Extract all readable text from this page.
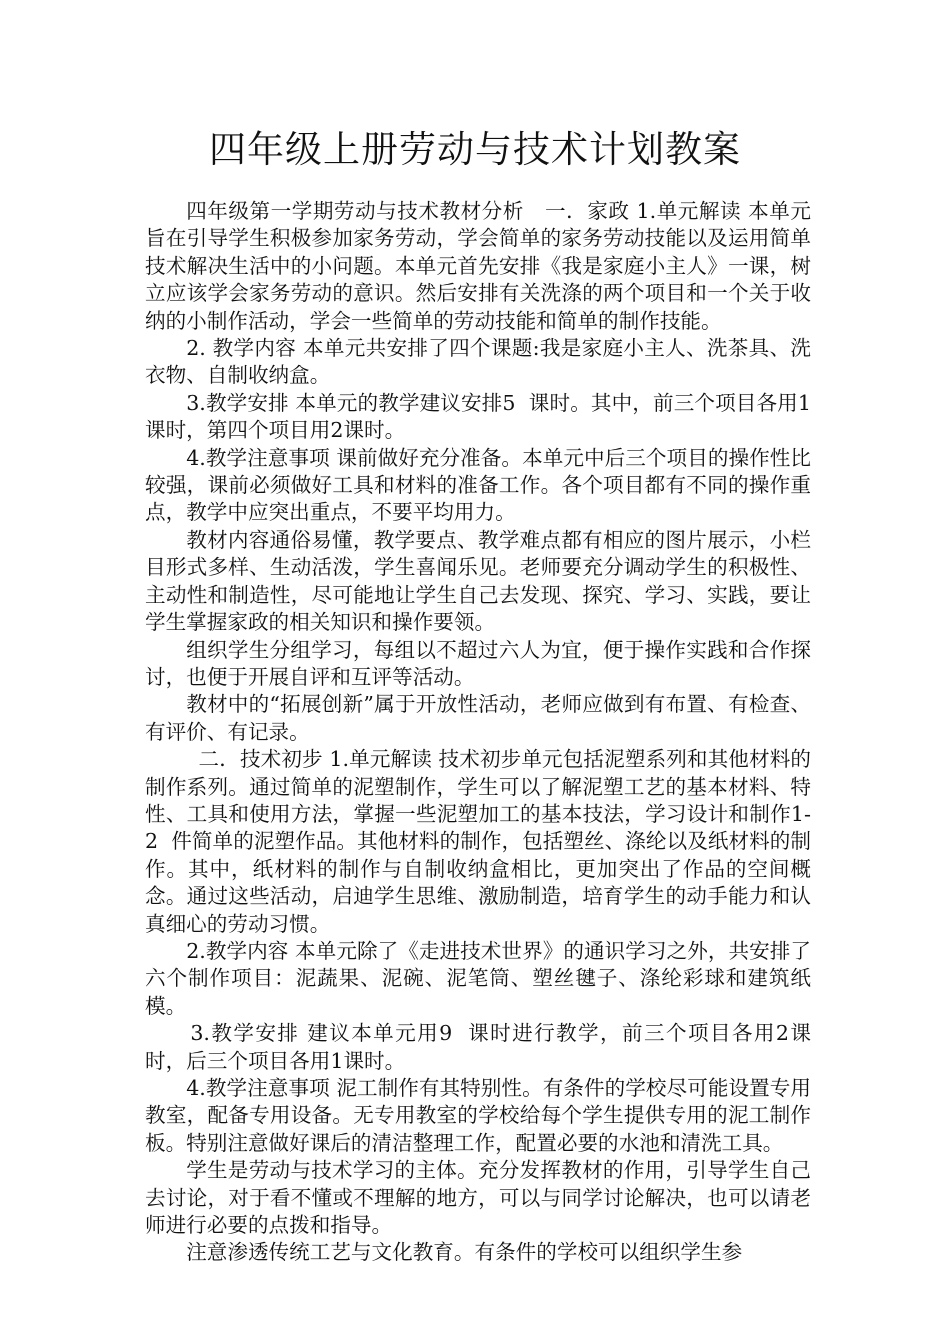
四年级上册劳动与技术计划教案

四年级第一学期劳动与技术教材分析   一．家政 1.单元解读 本单元旨在引导学生积极参加家务劳动，学会简单的家务劳动技能以及运用简单技术解决生活中的小问题。本单元首先安排《我是家庭小主人》一课，树立应该学会家务劳动的意识。然后安排有关洗涤的两个项目和一个关于收纳的小制作活动，学会一些简单的劳动技能和简单的制作技能。

2. 教学内容 本单元共安排了四个课题:我是家庭小主人、洗茶具、洗衣物、自制收纳盒。

3.教学安排 本单元的教学建议安排5  课时。其中，前三个项目各用1课时，第四个项目用2课时。

4.教学注意事项 课前做好充分准备。本单元中后三个项目的操作性比较强，课前必须做好工具和材料的准备工作。各个项目都有不同的操作重点，教学中应突出重点，不要平均用力。

教材内容通俗易懂，教学要点、教学难点都有相应的图片展示，小栏目形式多样、生动活泼，学生喜闻乐见。老师要充分调动学生的积极性、主动性和制造性，尽可能地让学生自己去发现、探究、学习、实践，要让学生掌握家政的相关知识和操作要领。

组织学生分组学习，每组以不超过六人为宜，便于操作实践和合作探讨，也便于开展自评和互评等活动。

教材中的“拓展创新”属于开放性活动，老师应做到有布置、有检查、有评价、有记录。

二．技术初步 1.单元解读 技术初步单元包括泥塑系列和其他材料的制作系列。通过简单的泥塑制作，学生可以了解泥塑工艺的基本材料、特性、工具和使用方法，掌握一些泥塑加工的基本技法，学习设计和制作1-2  件简单的泥塑作品。其他材料的制作，包括塑丝、涤纶以及纸材料的制作。其中，纸材料的制作与自制收纳盒相比，更加突出了作品的空间概念。通过这些活动，启迪学生思维、激励制造，培育学生的动手能力和认真细心的劳动习惯。

2.教学内容 本单元除了《走进技术世界》的通识学习之外，共安排了六个制作项目：泥蔬果、泥碗、泥笔筒、塑丝毽子、涤纶彩球和建筑纸模。

3.教学安排 建议本单元用9  课时进行教学，前三个项目各用2课时，后三个项目各用1课时。

4.教学注意事项 泥工制作有其特别性。有条件的学校尽可能设置专用教室，配备专用设备。无专用教室的学校给每个学生提供专用的泥工制作板。特别注意做好课后的清洁整理工作，配置必要的水池和清洗工具。

学生是劳动与技术学习的主体。充分发挥教材的作用，引导学生自己去讨论，对于看不懂或不理解的地方，可以与同学讨论解决，也可以请老师进行必要的点拨和指导。

注意渗透传统工艺与文化教育。有条件的学校可以组织学生参
